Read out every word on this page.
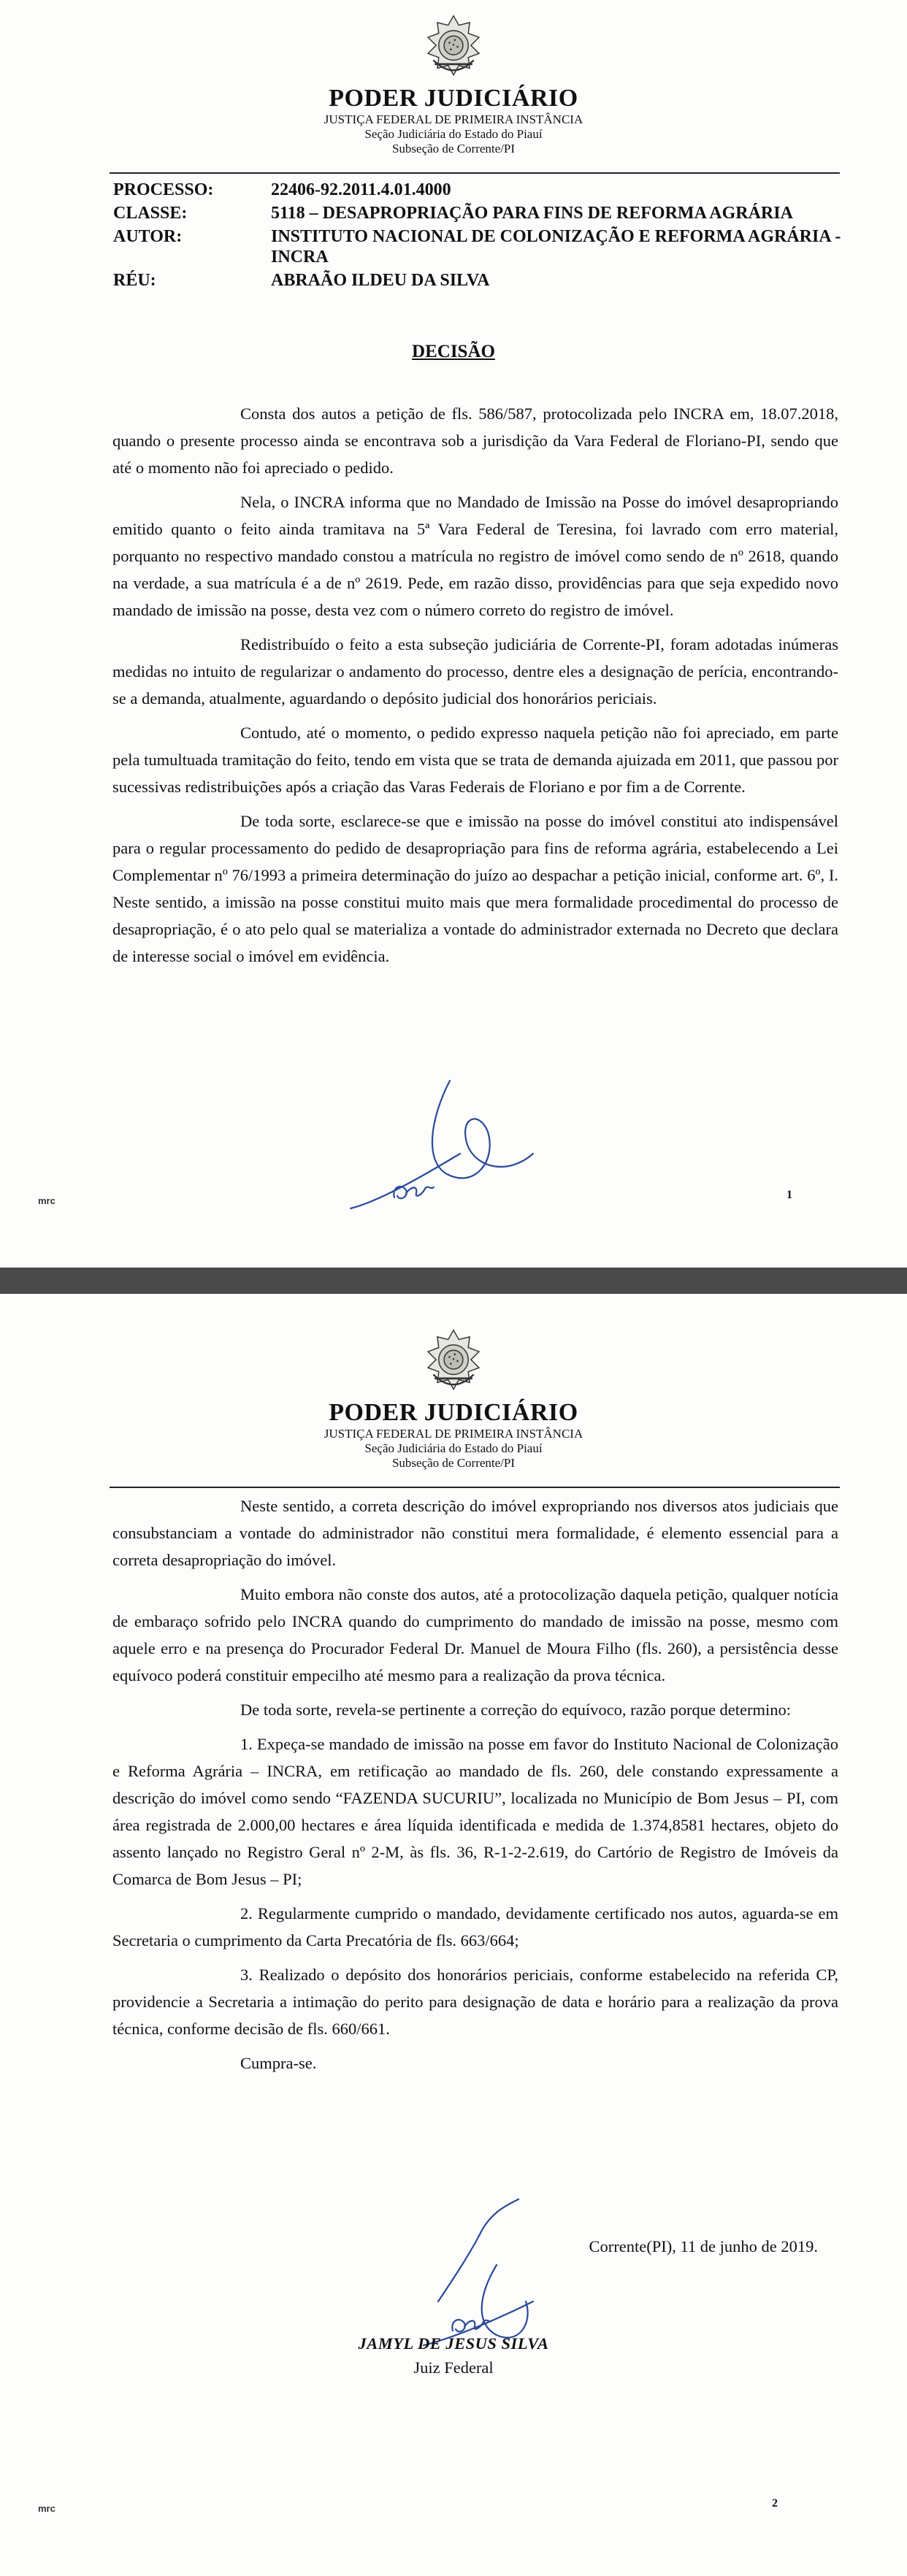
PODER JUDICIÁRIO
JUSTIÇA FEDERAL DE PRIMEIRA INSTÂNCIA
Seção Judiciária do Estado do Piauí
Subseção de Corrente/PI
PROCESSO:	22406-92.2011.4.01.4000
CLASSE:	5118 – DESAPROPRIAÇÃO PARA FINS DE REFORMA AGRÁRIA
AUTOR:	INSTITUTO NACIONAL DE COLONIZAÇÃO E REFORMA AGRÁRIA - INCRA
RÉU:	ABRAÃO ILDEU DA SILVA
DECISÃO

Consta dos autos a petição de fls. 586/587, protocolizada pelo INCRA em, 18.07.2018, quando o presente processo ainda se encontrava sob a jurisdição da Vara Federal de Floriano-PI, sendo que até o momento não foi apreciado o pedido.

Nela, o INCRA informa que no Mandado de Imissão na Posse do imóvel desapropriando emitido quanto o feito ainda tramitava na 5ª Vara Federal de Teresina, foi lavrado com erro material, porquanto no respectivo mandado constou a matrícula no registro de imóvel como sendo de nº 2618, quando na verdade, a sua matrícula é a de nº 2619. Pede, em razão disso, providências para que seja expedido novo mandado de imissão na posse, desta vez com o número correto do registro de imóvel.

Redistribuído o feito a esta subseção judiciária de Corrente-PI, foram adotadas inúmeras medidas no intuito de regularizar o andamento do processo, dentre eles a designação de perícia, encontrando-se a demanda, atualmente, aguardando o depósito judicial dos honorários periciais.

Contudo, até o momento, o pedido expresso naquela petição não foi apreciado, em parte pela tumultuada tramitação do feito, tendo em vista que se trata de demanda ajuizada em 2011, que passou por sucessivas redistribuições após a criação das Varas Federais de Floriano e por fim a de Corrente.

De toda sorte, esclarece-se que e imissão na posse do imóvel constitui ato indispensável para o regular processamento do pedido de desapropriação para fins de reforma agrária, estabelecendo a Lei Complementar nº 76/1993 a primeira determinação do juízo ao despachar a petição inicial, conforme art. 6º, I. Neste sentido, a imissão na posse constitui muito mais que mera formalidade procedimental do processo de desapropriação, é o ato pelo qual se materializa a vontade do administrador externada no Decreto que declara de interesse social o imóvel em evidência.

mrc	1
PODER JUDICIÁRIO
JUSTIÇA FEDERAL DE PRIMEIRA INSTÂNCIA
Seção Judiciária do Estado do Piauí
Subseção de Corrente/PI

Neste sentido, a correta descrição do imóvel expropriando nos diversos atos judiciais que consubstanciam a vontade do administrador não constitui mera formalidade, é elemento essencial para a correta desapropriação do imóvel.

Muito embora não conste dos autos, até a protocolização daquela petição, qualquer notícia de embaraço sofrido pelo INCRA quando do cumprimento do mandado de imissão na posse, mesmo com aquele erro e na presença do Procurador Federal Dr. Manuel de Moura Filho (fls. 260), a persistência desse equívoco poderá constituir empecilho até mesmo para a realização da prova técnica.

De toda sorte, revela-se pertinente a correção do equívoco, razão porque determino:

1. Expeça-se mandado de imissão na posse em favor do Instituto Nacional de Colonização e Reforma Agrária – INCRA, em retificação ao mandado de fls. 260, dele constando expressamente a descrição do imóvel como sendo “FAZENDA SUCURIU”, localizada no Município de Bom Jesus – PI, com área registrada de 2.000,00 hectares e área líquida identificada e medida de 1.374,8581 hectares, objeto do assento lançado no Registro Geral nº 2-M, às fls. 36, R-1-2-2.619, do Cartório de Registro de Imóveis da Comarca de Bom Jesus – PI;

2. Regularmente cumprido o mandado, devidamente certificado nos autos, aguarda-se em Secretaria o cumprimento da Carta Precatória de fls. 663/664;

3. Realizado o depósito dos honorários periciais, conforme estabelecido na referida CP, providencie a Secretaria a intimação do perito para designação de data e horário para a realização da prova técnica, conforme decisão de fls. 660/661.

Cumpra-se.

Corrente(PI), 11 de junho de 2019.
JAMYL DE JESUS SILVA
Juiz Federal
mrc	2
